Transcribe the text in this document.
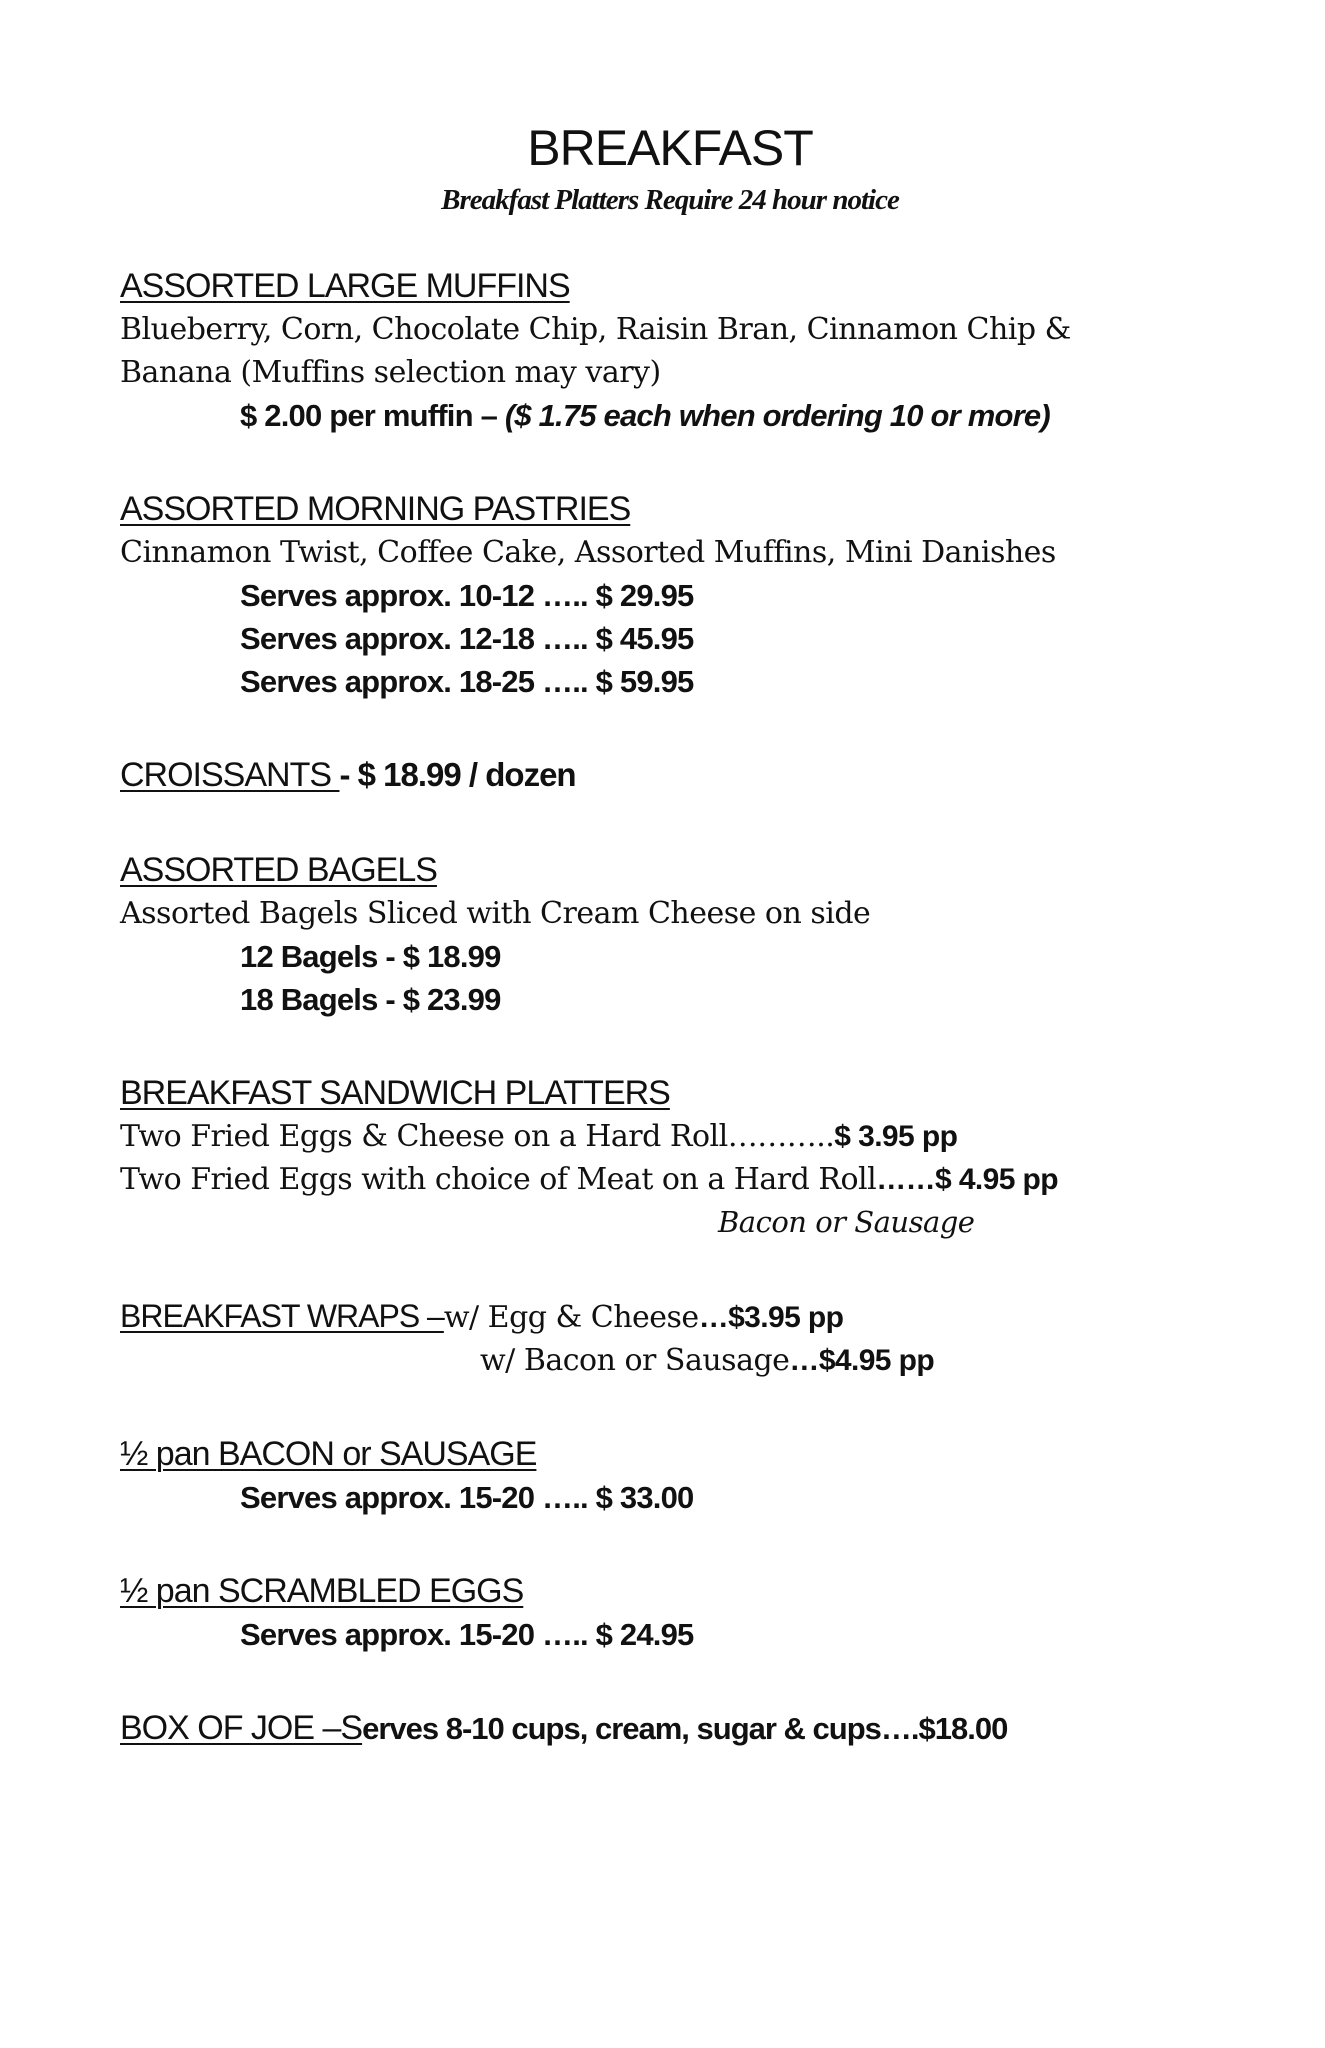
BREAKFAST
Breakfast Platters Require 24 hour notice
ASSORTED LARGE MUFFINS
Blueberry, Corn, Chocolate Chip, Raisin Bran, Cinnamon Chip &
Banana (Muffins selection may vary)
$ 2.00 per muffin – ($ 1.75 each when ordering 10 or more)
ASSORTED MORNING PASTRIES
Cinnamon Twist, Coffee Cake, Assorted Muffins, Mini Danishes
Serves approx. 10-12 ….. $ 29.95
Serves approx. 12-18 ….. $ 45.95
Serves approx. 18-25 ….. $ 59.95
CROISSANTS - $ 18.99 / dozen
ASSORTED BAGELS
Assorted Bagels Sliced with Cream Cheese on side
12 Bagels - $ 18.99
18 Bagels - $ 23.99
BREAKFAST SANDWICH PLATTERS
Two Fried Eggs & Cheese on a Hard Roll………..$ 3.95 pp
Two Fried Eggs with choice of Meat on a Hard Roll……$ 4.95 pp
Bacon or Sausage
BREAKFAST WRAPS –w/ Egg & Cheese…$3.95 pp
w/ Bacon or Sausage…$4.95 pp
½ pan BACON or SAUSAGE
Serves approx. 15-20 ….. $ 33.00
½ pan SCRAMBLED EGGS
Serves approx. 15-20 ….. $ 24.95
BOX OF JOE –Serves 8-10 cups, cream, sugar & cups….$18.00
